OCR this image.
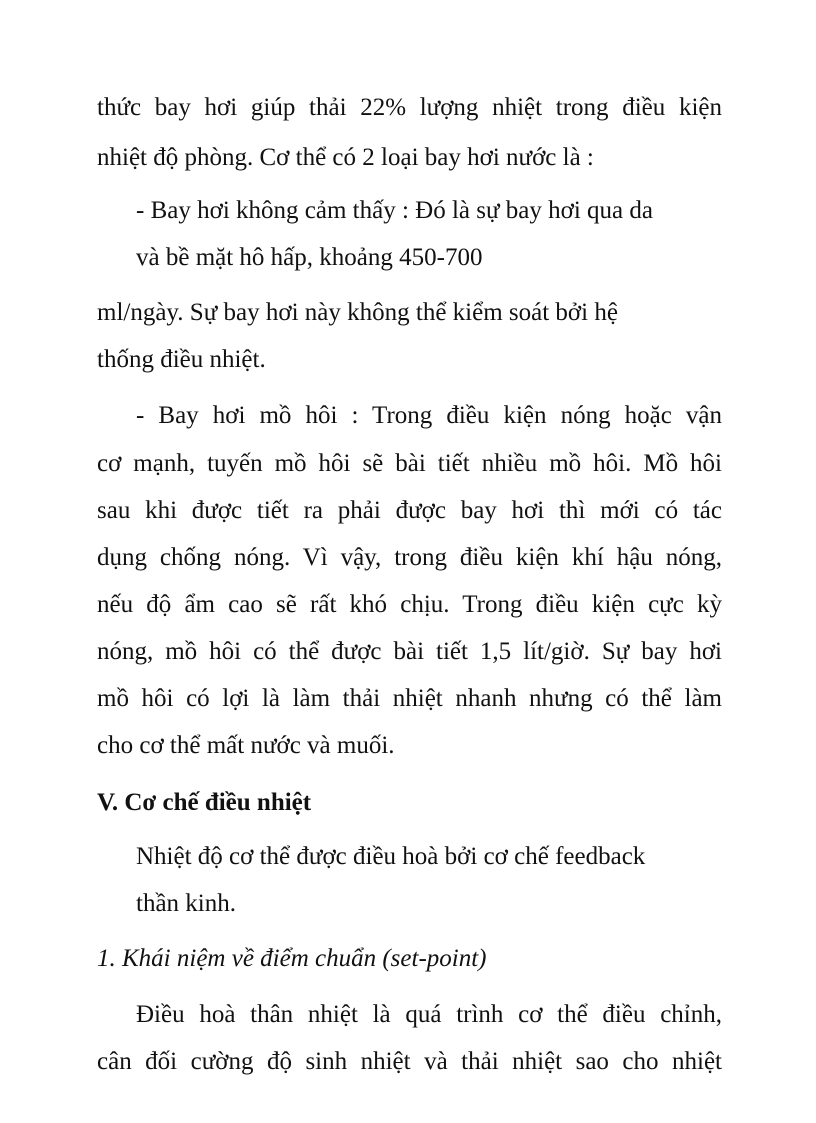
thức bay hơi giúp thải 22% lượng nhiệt trong điều kiện

nhiệt độ phòng. Cơ thể có 2 loại bay hơi nước là :

- Bay hơi không cảm thấy : Đó là sự bay hơi qua da

và bề mặt hô hấp, khoảng 450-700

ml/ngày. Sự bay hơi này không thể kiểm soát bởi hệ

thống điều nhiệt.

- Bay hơi mồ hôi : Trong điều kiện nóng hoặc vận

cơ mạnh, tuyến mồ hôi sẽ bài tiết nhiều mồ hôi. Mồ hôi

sau khi được tiết ra phải được bay hơi thì mới có tác

dụng chống nóng. Vì vậy, trong điều kiện khí hậu nóng,

nếu độ ẩm cao sẽ rất khó chịu. Trong điều kiện cực kỳ

nóng, mồ hôi có thể được bài tiết 1,5 lít/giờ. Sự bay hơi

mồ hôi có lợi là làm thải nhiệt nhanh nhưng có thể làm

cho cơ thể mất nước và muối.

V. Cơ chế điều nhiệt

Nhiệt độ cơ thể được điều hoà bởi cơ chế feedback

thần kinh.

1. Khái niệm về điểm chuẩn (set-point)

Điều hoà thân nhiệt là quá trình cơ thể điều chỉnh,

cân đối cường độ sinh nhiệt và thải nhiệt sao cho nhiệt
